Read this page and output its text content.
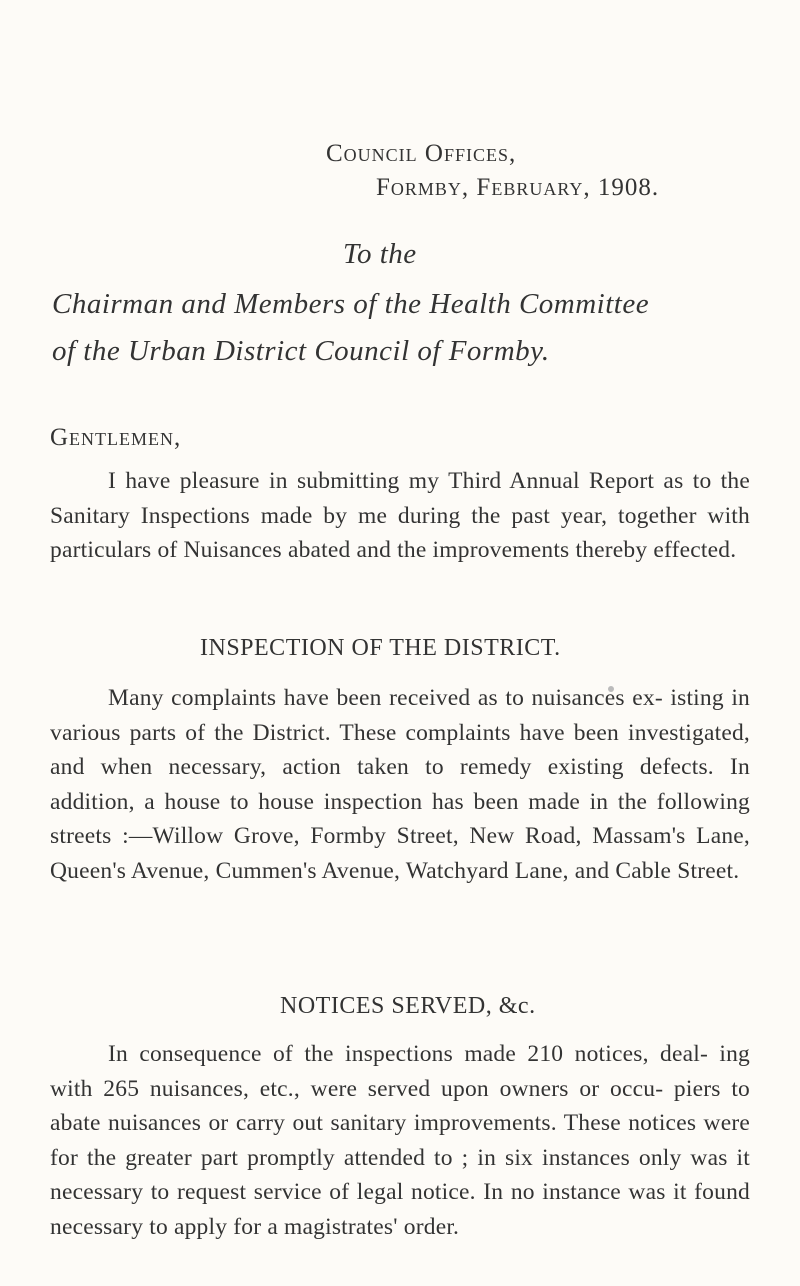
Council Offices,
Formby, February, 1908.
To the
Chairman and Members of the Health Committee
of the Urban District Council of Formby.
Gentlemen,
I have pleasure in submitting my Third Annual Report as to the Sanitary Inspections made by me during the past year, together with particulars of Nuisances abated and the improvements thereby effected.
INSPECTION OF THE DISTRICT.
Many complaints have been received as to nuisances ex- isting in various parts of the District. These complaints have been investigated, and when necessary, action taken to remedy existing defects. In addition, a house to house inspection has been made in the following streets :—Willow Grove, Formby Street, New Road, Massam's Lane, Queen's Avenue, Cummen's Avenue, Watchyard Lane, and Cable Street.
NOTICES SERVED, &c.
In consequence of the inspections made 210 notices, deal- ing with 265 nuisances, etc., were served upon owners or occu- piers to abate nuisances or carry out sanitary improvements. These notices were for the greater part promptly attended to ; in six instances only was it necessary to request service of legal notice. In no instance was it found necessary to apply for a magistrates' order.
